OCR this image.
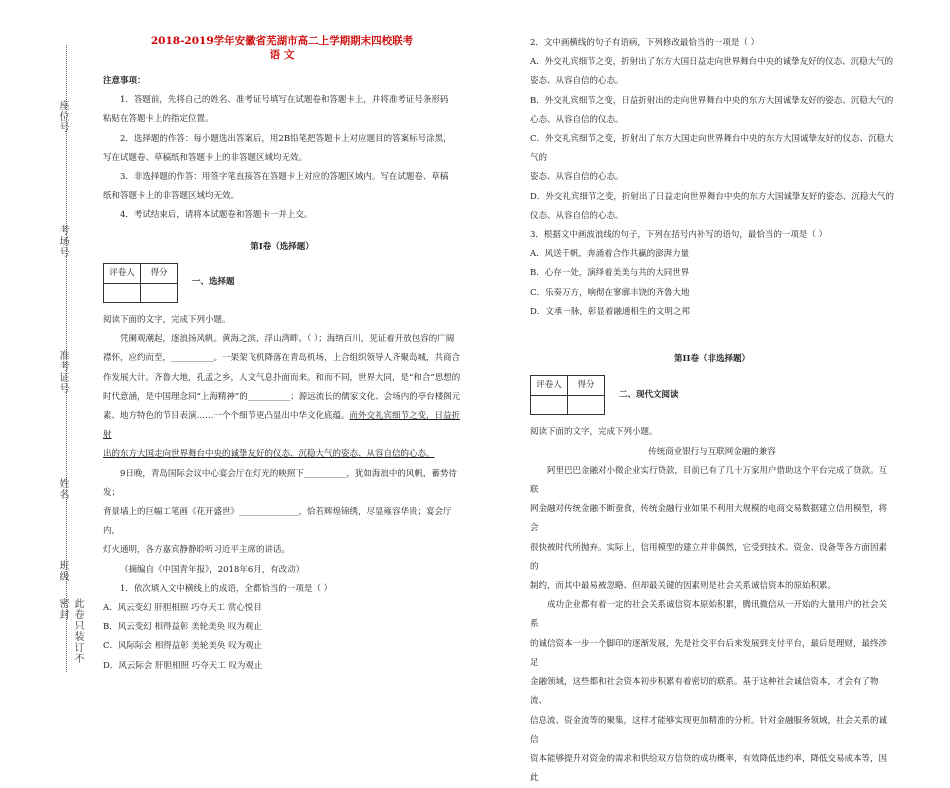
座位号
考场号
准考证号
姓名
班级
此卷只装订不密封
2018-2019学年安徽省芜湖市高二上学期期末四校联考
语 文

注意事项：

1．答题前，先将自己的姓名、准考证号填写在试题卷和答题卡上，并将准考证号条形码

粘贴在答题卡上的指定位置。

2．选择题的作答：每小题选出答案后，用2B铅笔把答题卡上对应题目的答案标号涂黑，

写在试题卷、草稿纸和答题卡上的非答题区域均无效。

3．非选择题的作答：用签字笔直接答在答题卡上对应的答题区域内。写在试题卷、草稿

纸和答题卡上的非答题区域均无效。

4．考试结束后，请将本试题卷和答题卡一并上交。

第Ⅰ卷（选择题）

评卷人	得分

一、选择题

阅读下面的文字，完成下列小题。

凭阑观潮起，逐浪扬风帆。黄海之滨，浮山湾畔。（ ）；海纳百川，见证着开放包容的广阔

襟怀，应约而至，__________。一架架飞机降落在青岛机场，上合组织领导人齐聚岛城，共商合

作发展大计。齐鲁大地，孔孟之乡，人文气息扑面而来。和而不同，世界大同，是“和合”思想的

时代意涵，是中国理念同“上海精神”的__________；源远流长的儒家文化、会场内的亭台楼阁元

素、地方特色的节目表演……一个个细节更凸显出中华文化底蕴。而外交礼宾细节之变，日益折射

出的东方大国走向世界舞台中央的诚挚友好的仪态、沉稳大气的姿态、从容自信的心态。

9日晚，青岛国际会议中心宴会厅在灯光的映照下__________，犹如海浪中的风帆，蓄势待发；

背景墙上的巨幅工笔画《花开盛世》______________，恰若辉煌锦绣，尽显雍容华贵；宴会厅内，

灯火通明，各方嘉宾静静聆听习近平主席的讲话。

（摘编自《中国青年报》，2018年6月，有改动）

1．依次填入文中横线上的成语，全都恰当的一项是（ ）

A．风云变幻 肝胆相照 巧夺天工 赏心悦目

B．风云变幻 相得益彰 美轮美奂 叹为观止

C．风际际会 相得益彰 美轮美奂 叹为观止

D．风云际会 肝胆相照 巧夺天工 叹为观止

2．文中画横线的句子有语病，下列修改最恰当的一项是（ ）

A．外交礼宾细节之变，折射出了东方大国日益走向世界舞台中央的诚挚友好的仪态、沉稳大气的

姿态、从容自信的心态。

B．外交礼宾细节之变，日益折射出的走向世界舞台中央的东方大国诚挚友好的姿态、沉稳大气的

心态、从容自信的仪态。

C．外交礼宾细节之变，折射出了东方大国走向世界舞台中央的东方大国诚挚友好的仪态、沉稳大气的

姿态、从容自信的心态。

D．外交礼宾细节之变，折射出了日益走向世界舞台中央的东方大国诚挚友好的姿态、沉稳大气的

仪态、从容自信的心态。

3．根据文中画波浪线的句子，下列在括号内补写的语句，最恰当的一项是（ ）

A．风送千帆，奔涌着合作共赢的澎湃力量

B．心存一处，演绎着美美与共的大同世界

C．乐奏万方，响彻在寥廓丰饶的齐鲁大地

D．文承一脉，彰显着融通相生的文明之邦

第II卷（非选择题）

评卷人	得分

二、现代文阅读

阅读下面的文字，完成下列小题。

传统商业银行与互联网金融的兼容

阿里巴巴金融对小微企业实行贷款，目前已有了几十万家用户借助这个平台完成了贷款。互联

网金融对传统金融不断蚕食，传统金融行业如果不利用大规模的电商交易数据建立信用模型，将会

很快被时代所抛弃。实际上，信用模型的建立并非偶然，它受到技术、资金、设备等各方面因素的

制约，而其中最易被忽略、但却最关键的因素则是社会关系诚信资本的原始积累。

成功企业都有着一定的社会关系诚信资本原始积累，腾讯微信从一开始的大量用户的社会关系

的诚信资本一步一个脚印的逐渐发展，先是社交平台后来发展到支付平台，最后是理财，最终涉足

金融领域，这些都和社会资本初步积累有着密切的联系。基于这种社会诚信资本，才会有了物流、

信息流、资金流等的聚集，这样才能够实现更加精准的分析。针对金融服务领域，社会关系的诚信

资本能够提升对资金的需求和供给双方信贷的成功概率，有效降低违约率，降低交易成本等，因此
